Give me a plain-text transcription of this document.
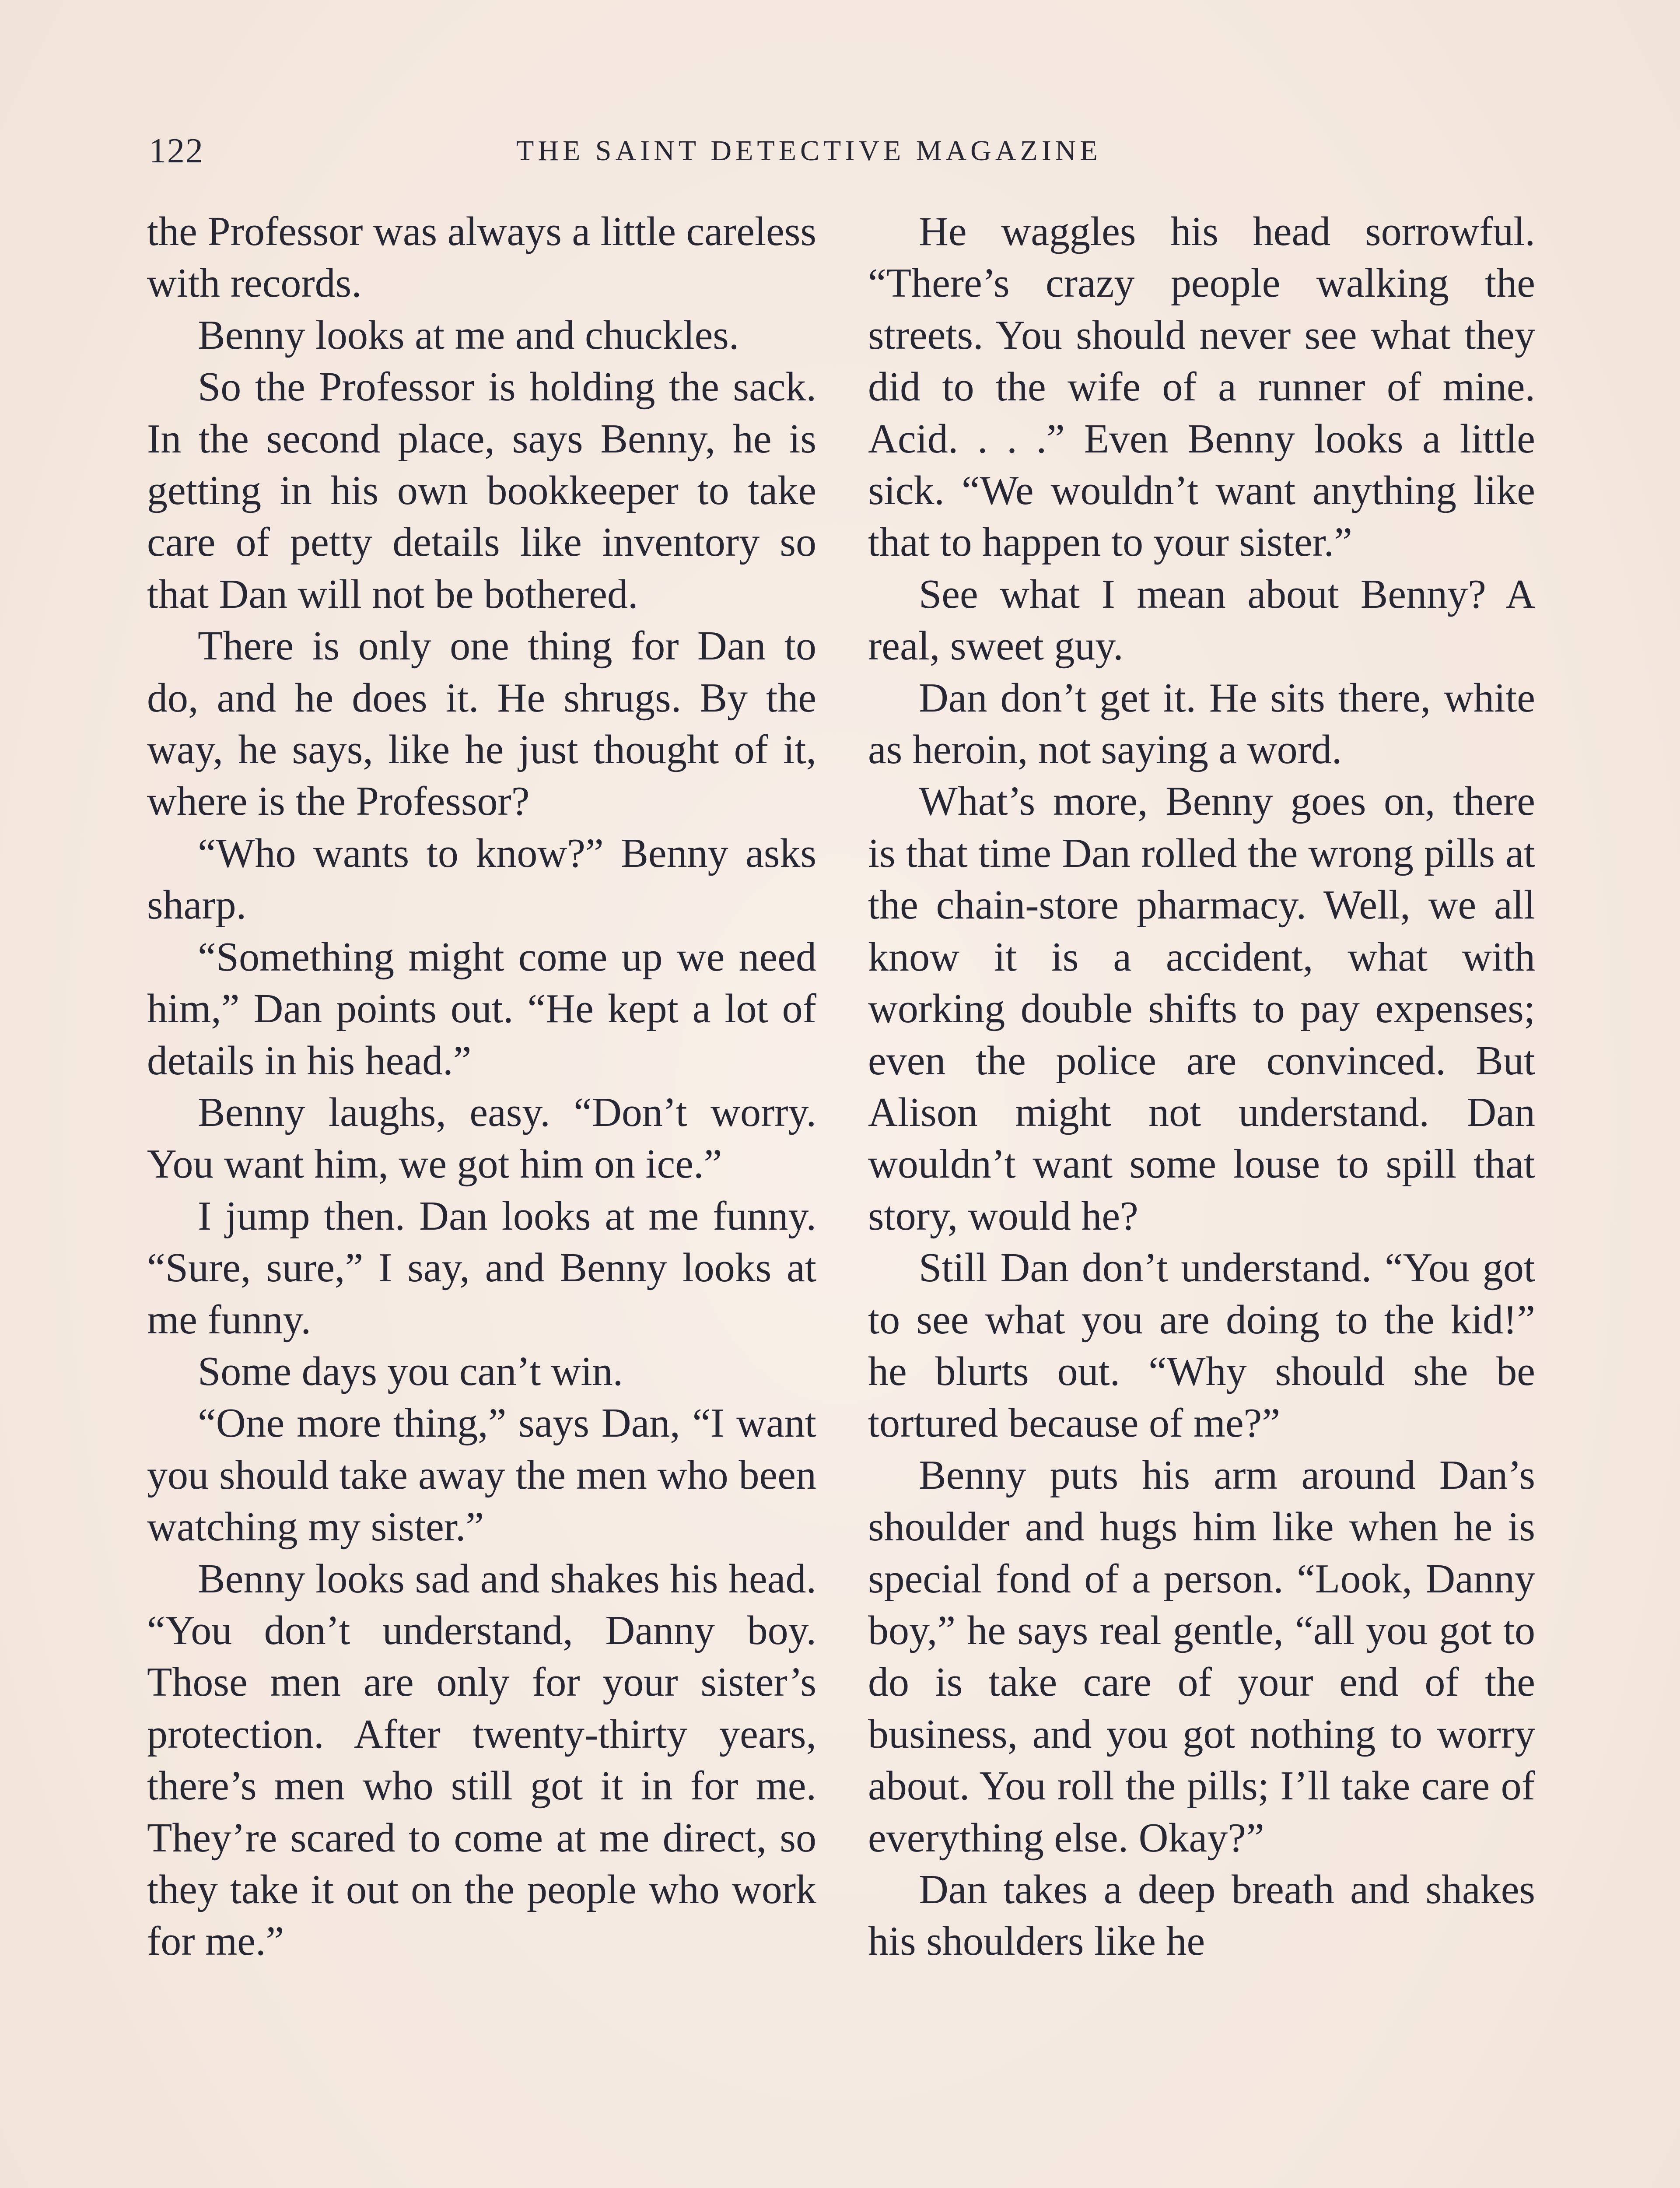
122	THE SAINT DETECTIVE MAGAZINE

the Professor was always a little careless with records.

Benny looks at me and chuckles.

So the Professor is holding the sack. In the second place, says Benny, he is getting in his own bookkeeper to take care of petty details like inventory so that Dan will not be bothered.

There is only one thing for Dan to do, and he does it. He shrugs. By the way, he says, like he just thought of it, where is the Professor?

“Who wants to know?” Benny asks sharp.

“Something might come up we need him,” Dan points out. “He kept a lot of details in his head.”

Benny laughs, easy. “Don’t worry. You want him, we got him on ice.”

I jump then. Dan looks at me funny. “Sure, sure,” I say, and Benny looks at me funny.

Some days you can’t win.

“One more thing,” says Dan, “I want you should take away the men who been watching my sister.”

Benny looks sad and shakes his head. “You don’t understand, Danny boy. Those men are only for your sister’s protection. After twenty-thirty years, there’s men who still got it in for me. They’re scared to come at me direct, so they take it out on the people who work for me.”

He waggles his head sorrowful. “There’s crazy people walking the streets. You should never see what they did to the wife of a runner of mine. Acid. . . .” Even Benny looks a little sick. “We wouldn’t want anything like that to happen to your sister.”

See what I mean about Benny? A real, sweet guy.

Dan don’t get it. He sits there, white as heroin, not saying a word.

What’s more, Benny goes on, there is that time Dan rolled the wrong pills at the chain-store pharmacy. Well, we all know it is a accident, what with working double shifts to pay expenses; even the police are convinced. But Alison might not understand. Dan wouldn’t want some louse to spill that story, would he?

Still Dan don’t understand. “You got to see what you are doing to the kid!” he blurts out. “Why should she be tortured because of me?”

Benny puts his arm around Dan’s shoulder and hugs him like when he is special fond of a person. “Look, Danny boy,” he says real gentle, “all you got to do is take care of your end of the business, and you got nothing to worry about. You roll the pills; I’ll take care of everything else. Okay?”

Dan takes a deep breath and shakes his shoulders like he
